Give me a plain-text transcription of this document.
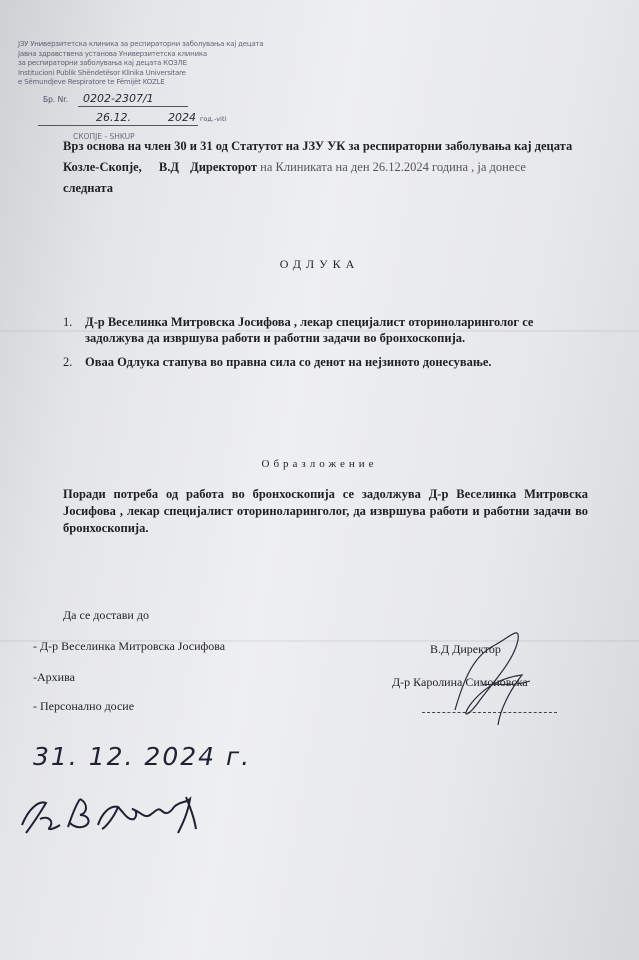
ЈЗУ Универзитетска клиника за респираторни заболувања кај децата
Јавна здравствена установа Универзитетска клиника
за респираторни заболувања кај децата КОЗЛЕ
Institucioni Publik Shëndetësor Klinika Universitare
e Sëmundjeve Respiratore te Fëmijët KOZLE
Бр. Nr. 0202-2307/1
26.12.	2024 год.-viti
СКОПЈЕ - SHKUP
Врз основа на член 30 и 31 од Статутот на ЈЗУ УК за респираторни заболувања кај децата Козле-Скопје, В.Д Директорот на Клиниката на ден 26.12.2024 година , ја донесе
следната
ОДЛУКА
1. Д-р Веселинка Митровска Јосифова , лекар специјалист оториноларинголог се задолжува да извршува работи и работни задачи во бронхоскопија.
2. Оваа Одлука стапува во правна сила со денот на нејзиното донесување.
Образложение
Поради потреба од работа во бронхоскопија се задолжува Д-р Веселинка Митровска Јосифова , лекар специјалист оториноларинголог, да извршува работи и работни задачи во бронхоскопија.
Да се достави до
- Д-р Веселинка Митровска Јосифова
-Архива
- Персонално досие
В.Д Директор
Д-р Каролина Симоновска
31. 12. 2024 г.
